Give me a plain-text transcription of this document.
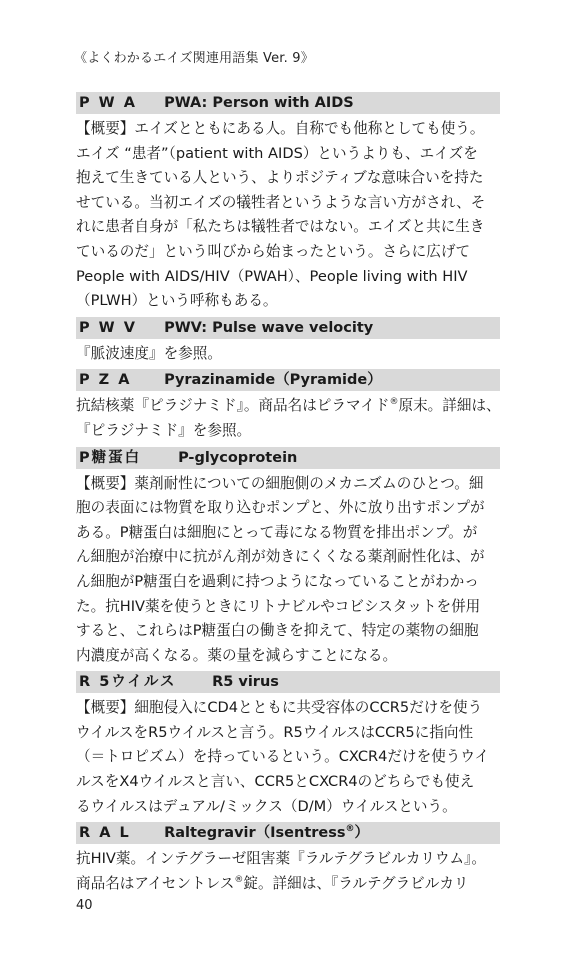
《よくわかるエイズ関連用語集 Ver. 9》
P W A PWA: Person with AIDS
【概要】エイズとともにある人。自称でも他称としても使う。
エイズ “患者”（patient with AIDS）というよりも、エイズを
抱えて生きている人という、よりポジティブな意味合いを持た
せている。当初エイズの犠牲者というような言い方がされ、そ
れに患者自身が「私たちは犠牲者ではない。エイズと共に生き
ているのだ」という叫びから始まったという。さらに広げて
People with AIDS/HIV（PWAH）、People living with HIV
（PLWH）という呼称もある。
P W V PWV: Pulse wave velocity
『脈波速度』を参照。
P Z A Pyrazinamide（Pyramide）
抗結核薬『ピラジナミド』。商品名はピラマイド®原末。詳細は、
『ピラジナミド』を参照。
P糖蛋白	P-glycoprotein
【概要】薬剤耐性についての細胞側のメカニズムのひとつ。細
胞の表面には物質を取り込むポンプと、外に放り出すポンプが
ある。P糖蛋白は細胞にとって毒になる物質を排出ポンプ。が
ん細胞が治療中に抗がん剤が効きにくくなる薬剤耐性化は、が
ん細胞がP糖蛋白を過剰に持つようになっていることがわかっ
た。抗HIV薬を使うときにリトナビルやコビシスタットを併用
すると、これらはP糖蛋白の働きを抑えて、特定の薬物の細胞
内濃度が高くなる。薬の量を減らすことになる。
R 5ウイルス R5 virus
【概要】細胞侵入にCD4とともに共受容体のCCR5だけを使う
ウイルスをR5ウイルスと言う。R5ウイルスはCCR5に指向性
（＝トロピズム）を持っているという。CXCR4だけを使うウイ
ルスをX4ウイルスと言い、CCR5とCXCR4のどちらでも使え
るウイルスはデュアル/ミックス（D/M）ウイルスという。
R A L Raltegravir（Isentress®）
抗HIV薬。インテグラーゼ阻害薬『ラルテグラビルカリウム』。
商品名はアイセントレス®錠。詳細は、『ラルテグラビルカリ
40
